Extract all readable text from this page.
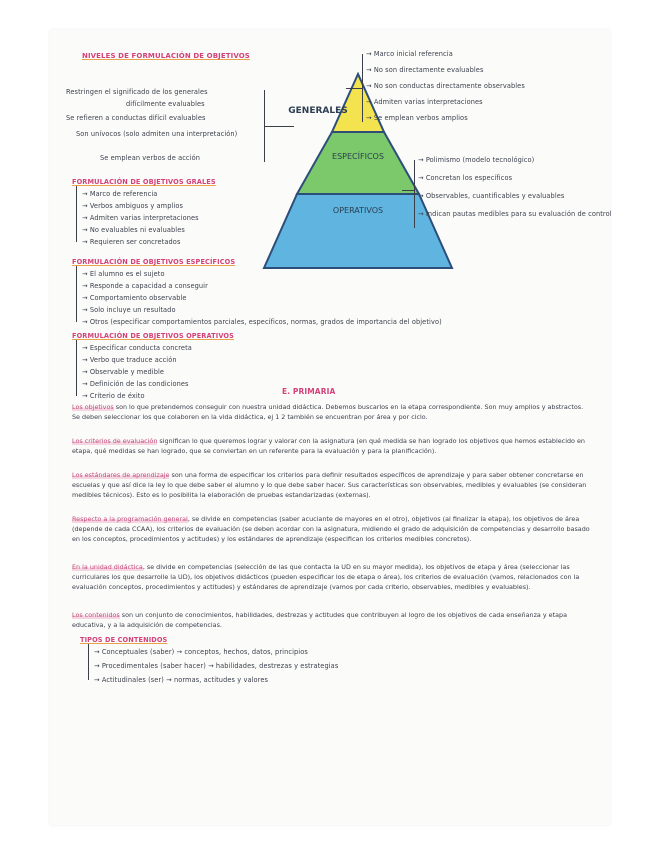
NIVELES DE FORMULACIÓN DE OBJETIVOS
GENERALES
ESPECÍFICOS
OPERATIVOS
Restringen el significado de los generales
difícilmente evaluables
Se refieren a conductas difícil evaluables
Son unívocos (solo admiten una interpretación)
Se emplean verbos de acción
→ Marco inicial referencia
→ No son directamente evaluables
→ No son conductas directamente observables
→ Admiten varias interpretaciones
→ Se emplean verbos amplios
→ Polimismo (modelo tecnológico)
→ Concretan los específicos
→ Observables, cuantificables y evaluables
→ Indican pautas medibles para su evaluación de control
FORMULACIÓN DE OBJETIVOS GRALES
→ Marco de referencia
→ Verbos ambiguos y amplios
→ Admiten varias interpretaciones
→ No evaluables ni evaluables
→ Requieren ser concretados
FORMULACIÓN DE OBJETIVOS ESPECÍFICOS
→ El alumno es el sujeto
→ Responde a capacidad a conseguir
→ Comportamiento observable
→ Solo incluye un resultado
→ Otros (especificar comportamientos parciales, específicos, normas, grados de importancia del objetivo)
FORMULACIÓN DE OBJETIVOS OPERATIVOS
→ Especificar conducta concreta
→ Verbo que traduce acción
→ Observable y medible
→ Definición de las condiciones
→ Criterio de éxito	E. PRIMARIA
Los objetivos son lo que pretendemos conseguir con nuestra unidad didáctica. Debemos buscarlos en la etapa correspondiente. Son muy amplios y abstractos. Se deben seleccionar los que colaboren en la vida didáctica, ej 1 2 también se encuentran por área y por ciclo.
Los criterios de evaluación significan lo que queremos lograr y valorar con la asignatura (en qué medida se han logrado los objetivos que hemos establecido en etapa, qué medidas se han logrado, que se conviertan en un referente para la evaluación y para la planificación).
Los estándares de aprendizaje son una forma de especificar los criterios para definir resultados específicos de aprendizaje y para saber obtener concretarse en escuelas y que así dice la ley lo que debe saber el alumno y lo que debe saber hacer. Sus características son observables, medibles y evaluables (se consideran medibles técnicos). Esto es lo posibilita la elaboración de pruebas estandarizadas (externas).
Respecto a la programación general, se divide en competencias (saber acuciante de mayores en el otro), objetivos (al finalizar la etapa), los objetivos de área (depende de cada CCAA), los criterios de evaluación (se deben acordar con la asignatura, midiendo el grado de adquisición de competencias y desarrollo basado en los conceptos, procedimientos y actitudes) y los estándares de aprendizaje (especifican los criterios medibles concretos).
En la unidad didáctica, se divide en competencias (selección de las que contacta la UD en su mayor medida), los objetivos de etapa y área (seleccionar las curriculares los que desarrolle la UD), los objetivos didácticos (pueden especificar los de etapa o área), los criterios de evaluación (vamos, relacionados con la evaluación conceptos, procedimientos y actitudes) y estándares de aprendizaje (vamos por cada criterio, observables, medibles y evaluables).
Los contenidos son un conjunto de conocimientos, habilidades, destrezas y actitudes que contribuyen al logro de los objetivos de cada enseñanza y etapa educativa, y a la adquisición de competencias.
TIPOS DE CONTENIDOS
→ Conceptuales (saber) → conceptos, hechos, datos, principios
→ Procedimentales (saber hacer) → habilidades, destrezas y estrategias
→ Actitudinales (ser) → normas, actitudes y valores
